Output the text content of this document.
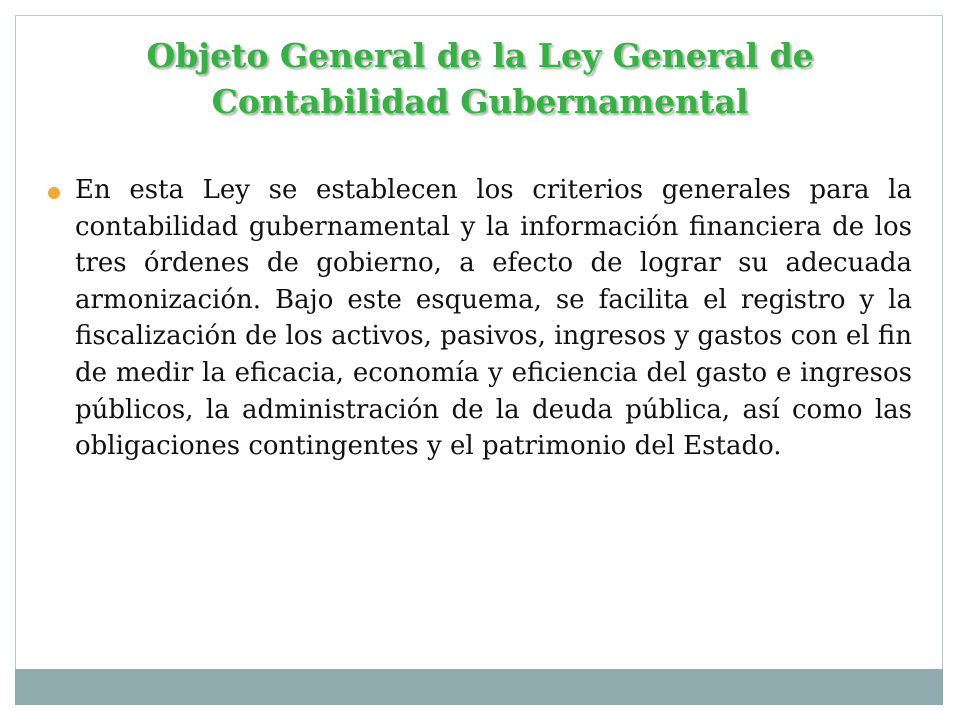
Objeto General de la Ley General de Contabilidad Gubernamental
En esta Ley se establecen los criterios generales para la contabilidad gubernamental y la información financiera de los tres órdenes de gobierno, a efecto de lograr su adecuada armonización. Bajo este esquema, se facilita el registro y la fiscalización de los activos, pasivos, ingresos y gastos con el fin de medir la eficacia, economía y eficiencia del gasto e ingresos públicos, la administración de la deuda pública, así como las obligaciones contingentes y el patrimonio del Estado.
